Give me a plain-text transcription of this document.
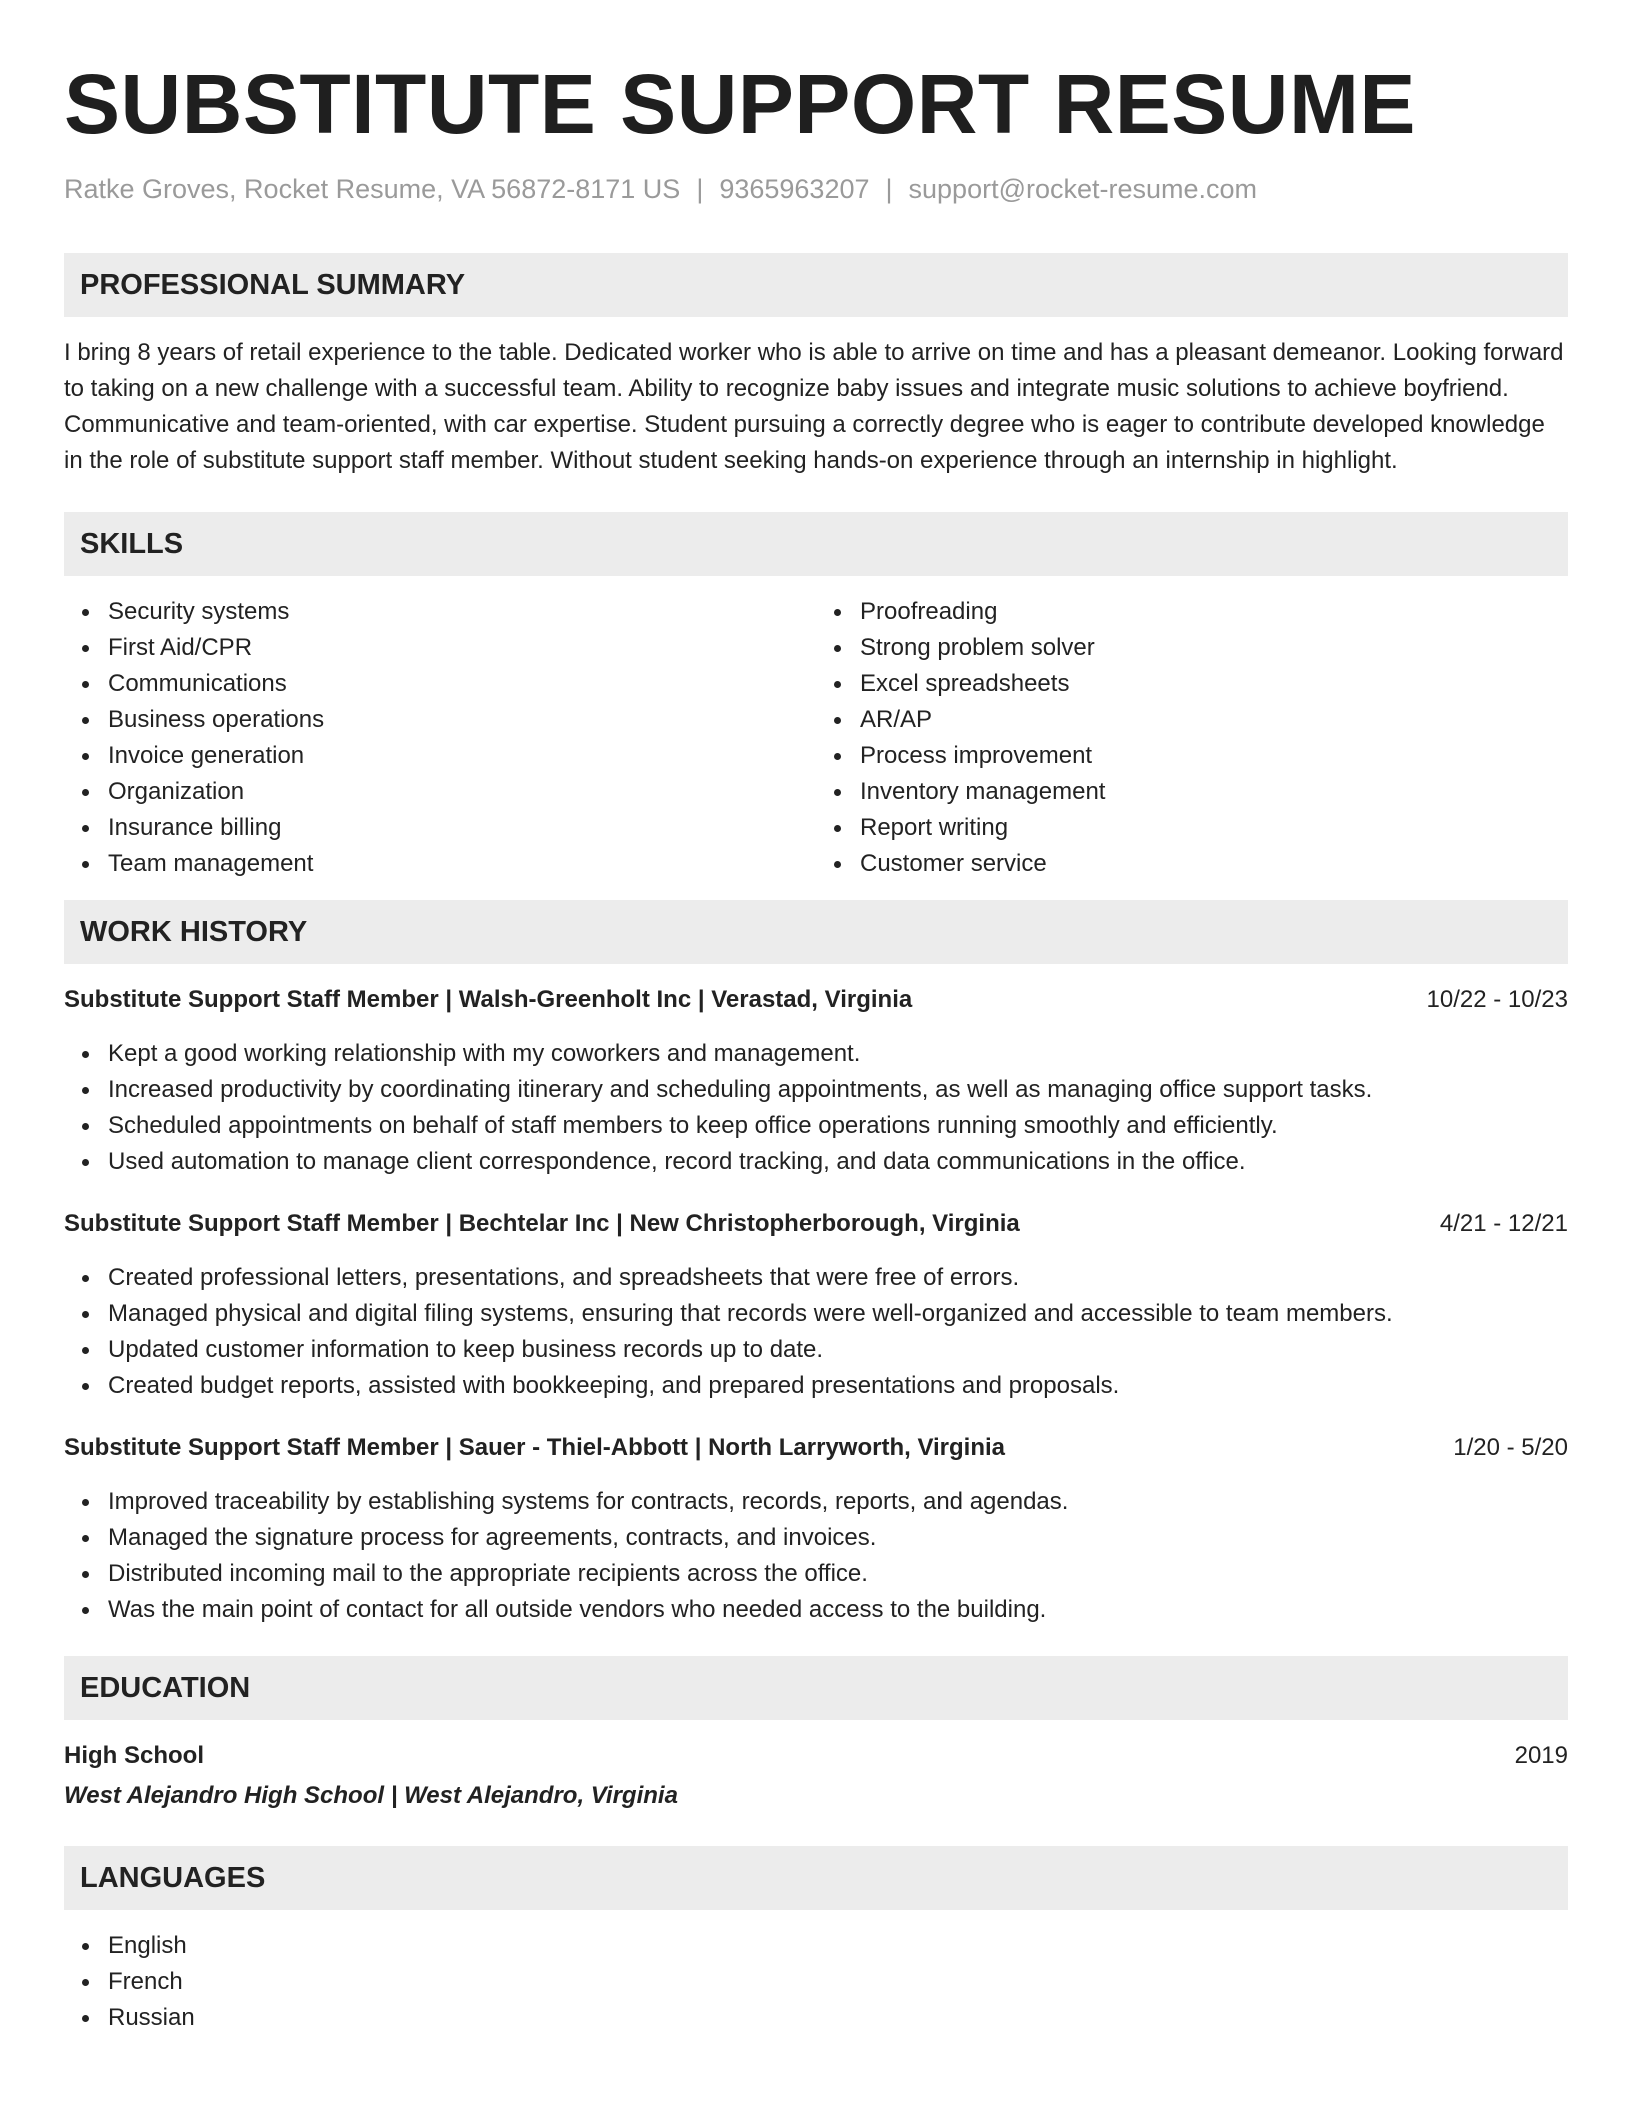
SUBSTITUTE SUPPORT RESUME
Ratke Groves, Rocket Resume, VA 56872-8171 US | 9365963207 | support@rocket-resume.com
PROFESSIONAL SUMMARY

I bring 8 years of retail experience to the table. Dedicated worker who is able to arrive on time and has a pleasant demeanor. Looking forward to taking on a new challenge with a successful team. Ability to recognize baby issues and integrate music solutions to achieve boyfriend. Communicative and team-oriented, with car expertise. Student pursuing a correctly degree who is eager to contribute developed knowledge in the role of substitute support staff member. Without student seeking hands-on experience through an internship in highlight.

SKILLS
Security systems
First Aid/CPR
Communications
Business operations
Invoice generation
Organization
Insurance billing
Team management
Proofreading
Strong problem solver
Excel spreadsheets
AR/AP
Process improvement
Inventory management
Report writing
Customer service
WORK HISTORY
Substitute Support Staff Member | Walsh-Greenholt Inc | Verastad, Virginia	10/22 - 10/23
Kept a good working relationship with my coworkers and management.
Increased productivity by coordinating itinerary and scheduling appointments, as well as managing office support tasks.
Scheduled appointments on behalf of staff members to keep office operations running smoothly and efficiently.
Used automation to manage client correspondence, record tracking, and data communications in the office.
Substitute Support Staff Member | Bechtelar Inc | New Christopherborough, Virginia	4/21 - 12/21
Created professional letters, presentations, and spreadsheets that were free of errors.
Managed physical and digital filing systems, ensuring that records were well-organized and accessible to team members.
Updated customer information to keep business records up to date.
Created budget reports, assisted with bookkeeping, and prepared presentations and proposals.
Substitute Support Staff Member | Sauer - Thiel-Abbott | North Larryworth, Virginia	1/20 - 5/20
Improved traceability by establishing systems for contracts, records, reports, and agendas.
Managed the signature process for agreements, contracts, and invoices.
Distributed incoming mail to the appropriate recipients across the office.
Was the main point of contact for all outside vendors who needed access to the building.
EDUCATION
High School	2019
West Alejandro High School | West Alejandro, Virginia
LANGUAGES
English
French
Russian
